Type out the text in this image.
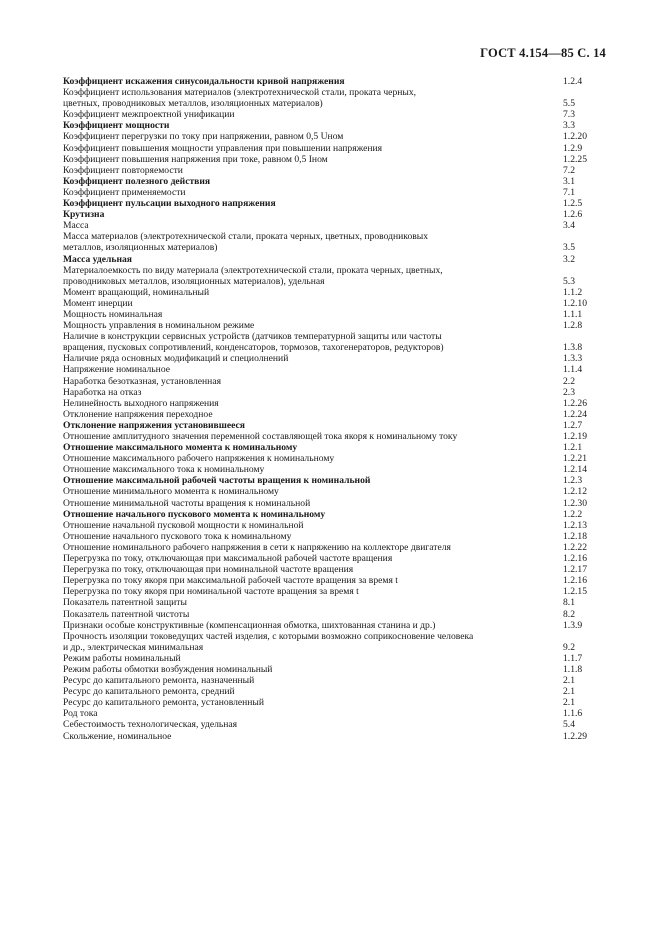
ГОСТ 4.154—85 С. 14
Коэффициент искажения синусоидальности кривой напряжения	1.2.4
Коэффициент использования материалов (электротехнической стали, проката черных,
цветных, проводниковых металлов, изоляционных материалов)	5.5
Коэффициент межпроектной унификации	7.3
Коэффициент мощности	3.3
Коэффициент перегрузки по току при напряжении, равном 0,5 Uном	1.2.20
Коэффициент повышения мощности управления при повышении напряжения	1.2.9
Коэффициент повышения напряжения при токе, равном 0,5 Iном	1.2.25
Коэффициент повторяемости	7.2
Коэффициент полезного действия	3.1
Коэффициент применяемости	7.1
Коэффициент пульсации выходного напряжения	1.2.5
Крутизна	1.2.6
Масса	3.4
Масса материалов (электротехнической стали, проката черных, цветных, проводниковых
металлов, изоляционных материалов)	3.5
Масса удельная	3.2
Материалоемкость по виду материала (электротехнической стали, проката черных, цветных,
проводниковых металлов, изоляционных материалов), удельная	5.3
Момент вращающий, номинальный	1.1.2
Момент инерции	1.2.10
Мощность номинальная	1.1.1
Мощность управления в номинальном режиме	1.2.8
Наличие в конструкции сервисных устройств (датчиков температурной защиты или частоты
вращения, пусковых сопротивлений, конденсаторов, тормозов, тахогенераторов, редукторов)	1.3.8
Наличие ряда основных модификаций и специолнений	1.3.3
Напряжение номинальное	1.1.4
Наработка безотказная, установленная	2.2
Наработка на отказ	2.3
Нелинейность выходного напряжения	1.2.26
Отклонение напряжения переходное	1.2.24
Отклонение напряжения установившееся	1.2.7
Отношение амплитудного значения переменной составляющей тока якоря к номинальному току	1.2.19
Отношение максимального момента к номинальному	1.2.1
Отношение максимального рабочего напряжения к номинальному	1.2.21
Отношение максимального тока к номинальному	1.2.14
Отношение максимальной рабочей частоты вращения к номинальной	1.2.3
Отношение минимального момента к номинальному	1.2.12
Отношение минимальной частоты вращения к номинальной	1.2.30
Отношение начального пускового момента к номинальному	1.2.2
Отношение начальной пусковой мощности к номинальной	1.2.13
Отношение начального пускового тока к номинальному	1.2.18
Отношение номинального рабочего напряжения в сети к напряжению на коллекторе двигателя	1.2.22
Перегрузка по току, отключающая при максимальной рабочей частоте вращения	1.2.16
Перегрузка по току, отключающая при номинальной частоте вращения	1.2.17
Перегрузка по току якоря при максимальной рабочей частоте вращения за время t	1.2.16
Перегрузка по току якоря при номинальной частоте вращения за время t	1.2.15
Показатель патентной защиты	8.1
Показатель патентной чистоты	8.2
Признаки особые конструктивные (компенсационная обмотка, шихтованная станина и др.)	1.3.9
Прочность изоляции токоведущих частей изделия, с которыми возможно соприкосновение человека
и др., электрическая минимальная	9.2
Режим работы номинальный	1.1.7
Режим работы обмотки возбуждения номинальный	1.1.8
Ресурс до капитального ремонта, назначенный	2.1
Ресурс до капитального ремонта, средний	2.1
Ресурс до капитального ремонта, установленный	2.1
Род тока	1.1.6
Себестоимость технологическая, удельная	5.4
Скольжение, номинальное	1.2.29
